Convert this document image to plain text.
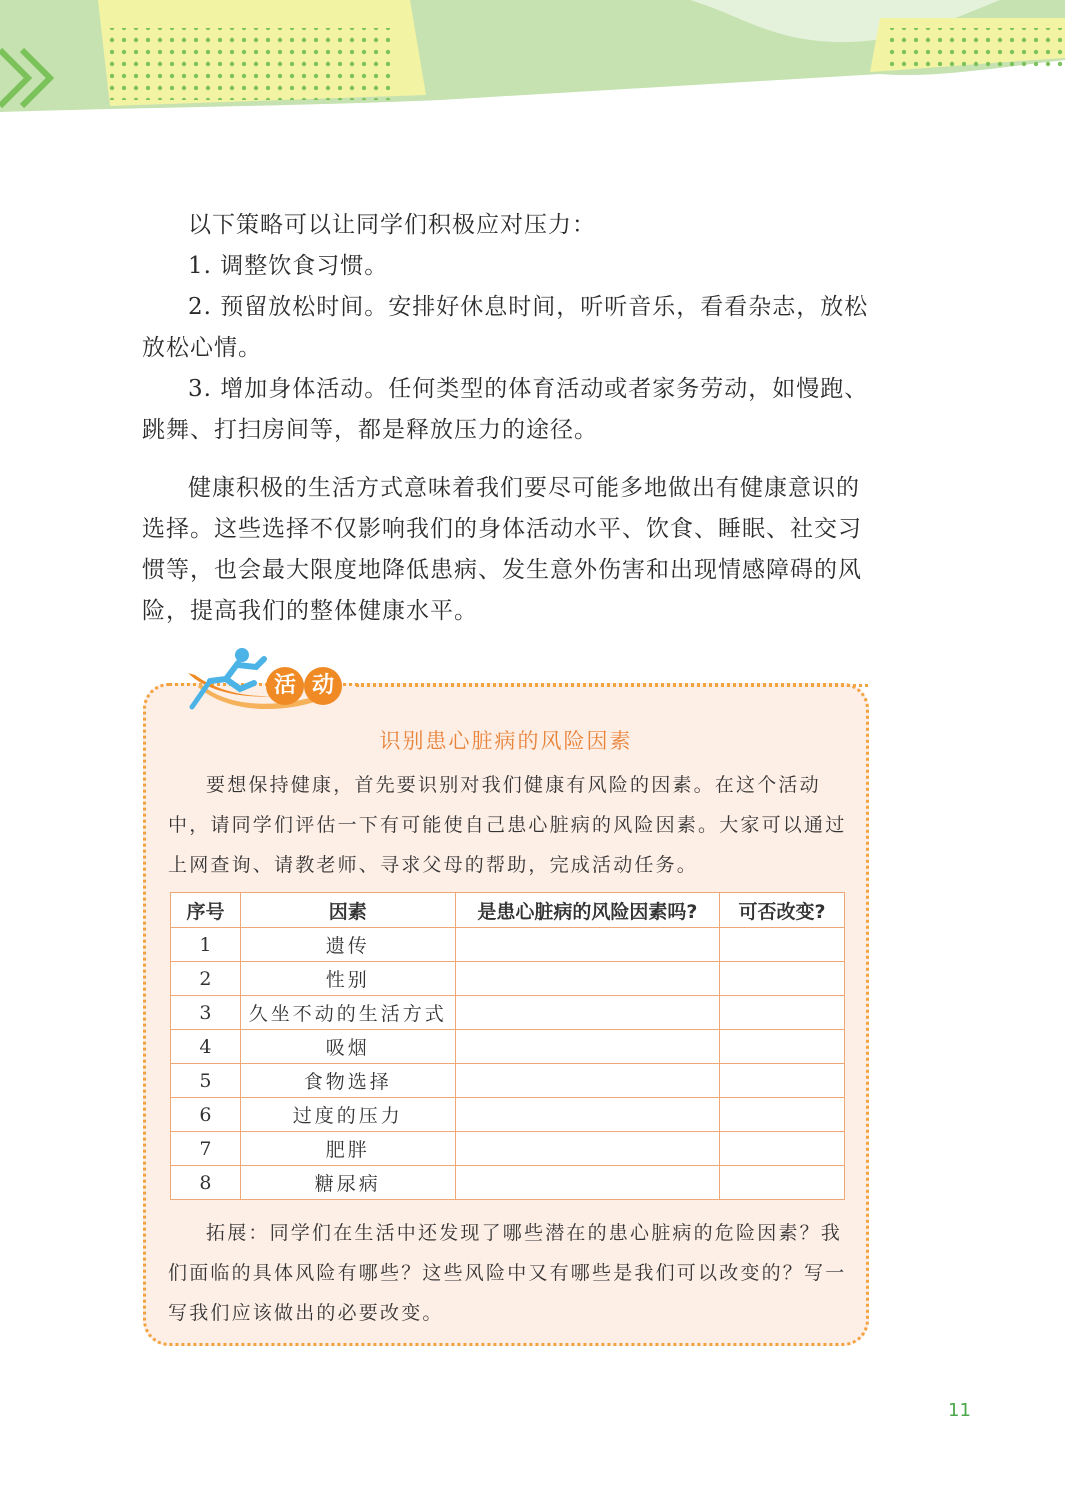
以下策略可以让同学们积极应对压力：

1. 调整饮食习惯。

2. 预留放松时间。安排好休息时间，听听音乐，看看杂志，放松放松心情。

3. 增加身体活动。任何类型的体育活动或者家务劳动，如慢跑、跳舞、打扫房间等，都是释放压力的途径。

健康积极的生活方式意味着我们要尽可能多地做出有健康意识的选择。这些选择不仅影响我们的身体活动水平、饮食、睡眠、社交习惯等，也会最大限度地降低患病、发生意外伤害和出现情感障碍的风险，提高我们的整体健康水平。

活 动
识别患心脏病的风险因素

要想保持健康，首先要识别对我们健康有风险的因素。在这个活动中，请同学们评估一下有可能使自己患心脏病的风险因素。大家可以通过上网查询、请教老师、寻求父母的帮助，完成活动任务。

序号	因素	是患心脏病的风险因素吗?	可否改变?
1	遗传		
2	性别		
3	久坐不动的生活方式		
4	吸烟		
5	食物选择		
6	过度的压力		
7	肥胖		
8	糖尿病		

拓展：同学们在生活中还发现了哪些潜在的患心脏病的危险因素？我们面临的具体风险有哪些？这些风险中又有哪些是我们可以改变的？写一写我们应该做出的必要改变。

11
